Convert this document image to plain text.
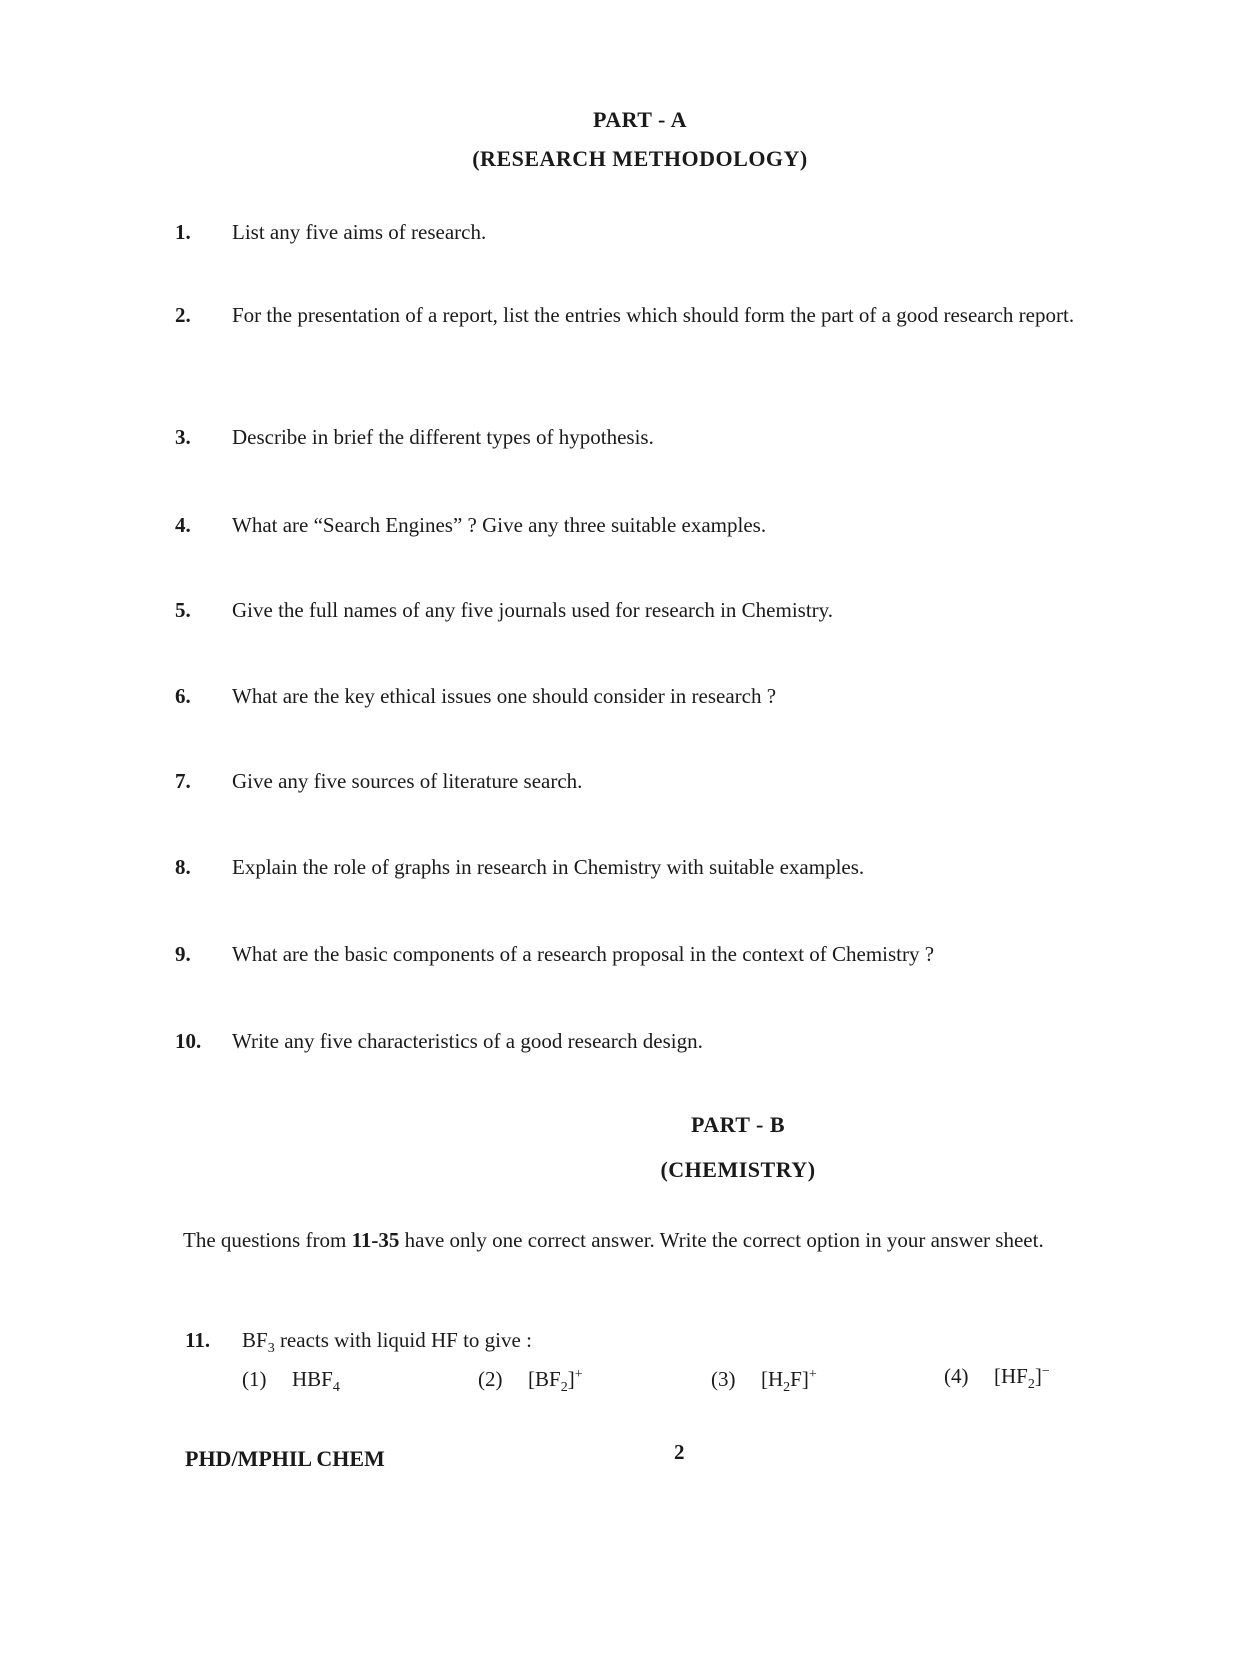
PART - A
(RESEARCH METHODOLOGY)
1. List any five aims of research.
2. For the presentation of a report, list the entries which should form the part of a good research report.
3. Describe in brief the different types of hypothesis.
4. What are “Search Engines” ? Give any three suitable examples.
5. Give the full names of any five journals used for research in Chemistry.
6. What are the key ethical issues one should consider in research ?
7. Give any five sources of literature search.
8. Explain the role of graphs in research in Chemistry with suitable examples.
9. What are the basic components of a research proposal in the context of Chemistry ?
10. Write any five characteristics of a good research design.
PART - B
(CHEMISTRY)
The questions from 11-35 have only one correct answer. Write the correct option in your answer sheet.
11. $BF_3$ reacts with liquid HF to give :
(1) $HBF_4$	(2) $[BF_2]^+$	(3) $[H_2F]^+$	(4) $[HF_2]^-$
PHD/MPHIL CHEM	2
